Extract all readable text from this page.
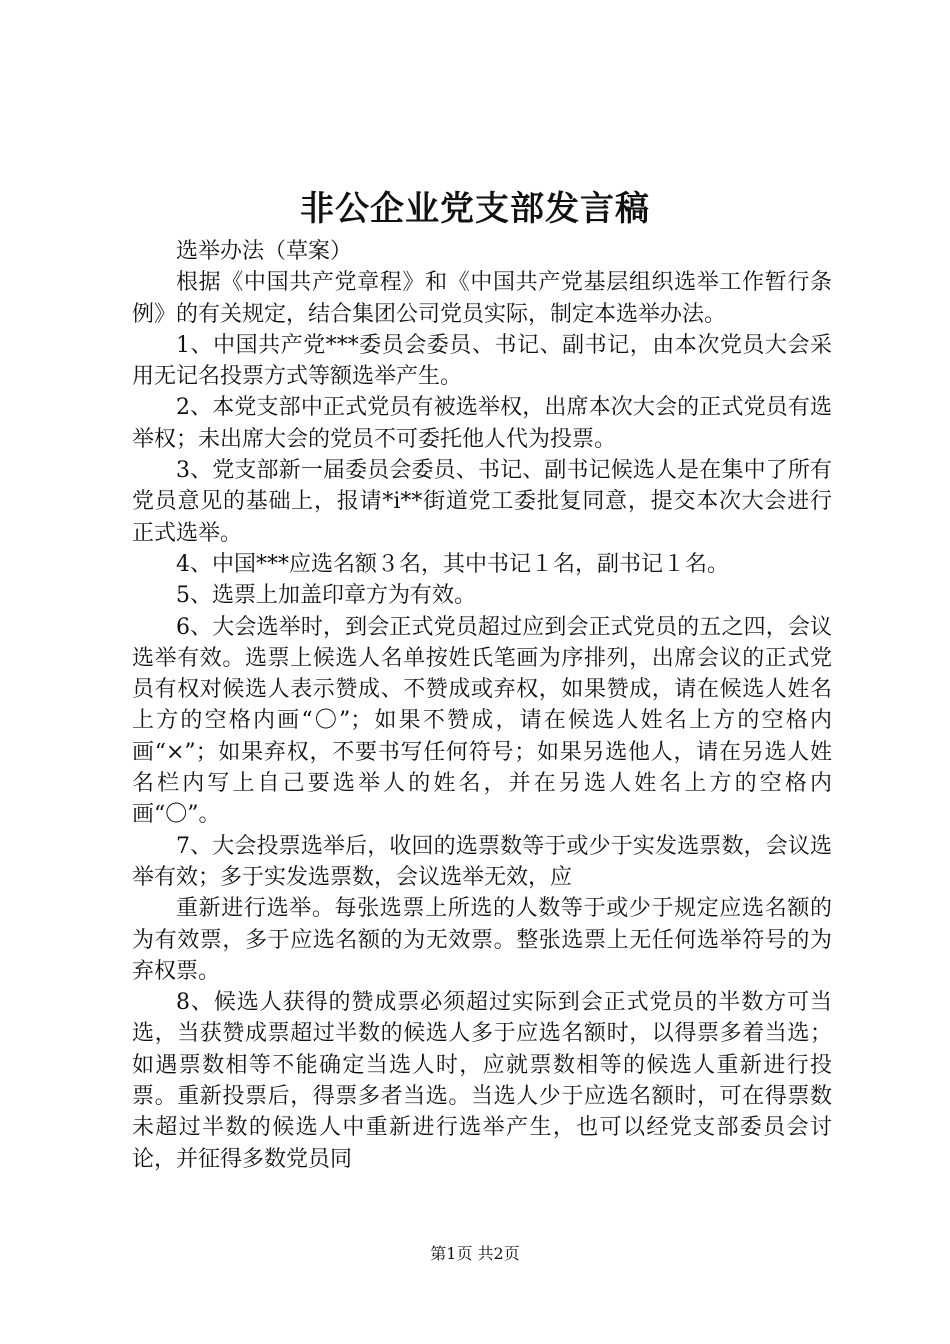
非公企业党支部发言稿

选举办法（草案）

根据《中国共产党章程》和《中国共产党基层组织选举工作暂行条例》的有关规定，结合集团公司党员实际，制定本选举办法。

1、中国共产党***委员会委员、书记、副书记，由本次党员大会采用无记名投票方式等额选举产生。

2、本党支部中正式党员有被选举权，出席本次大会的正式党员有选举权；未出席大会的党员不可委托他人代为投票。

3、党支部新一届委员会委员、书记、副书记候选人是在集中了所有党员意见的基础上，报请*i**街道党工委批复同意，提交本次大会进行正式选举。

4、中国***应选名额３名，其中书记１名，副书记１名。

5、选票上加盖印章方为有效。

6、大会选举时，到会正式党员超过应到会正式党员的五之四，会议选举有效。选票上候选人名单按姓氏笔画为序排列，出席会议的正式党员有权对候选人表示赞成、不赞成或弃权，如果赞成，请在候选人姓名上方的空格内画“〇”；如果不赞成，请在候选人姓名上方的空格内画“×”；如果弃权，不要书写任何符号；如果另选他人，请在另选人姓名栏内写上自己要选举人的姓名，并在另选人姓名上方的空格内画“〇”。

7、大会投票选举后，收回的选票数等于或少于实发选票数，会议选举有效；多于实发选票数，会议选举无效，应

重新进行选举。每张选票上所选的人数等于或少于规定应选名额的为有效票，多于应选名额的为无效票。整张选票上无任何选举符号的为弃权票。

8、候选人获得的赞成票必须超过实际到会正式党员的半数方可当选，当获赞成票超过半数的候选人多于应选名额时，以得票多着当选；如遇票数相等不能确定当选人时，应就票数相等的候选人重新进行投票。重新投票后，得票多者当选。当选人少于应选名额时，可在得票数未超过半数的候选人中重新进行选举产生，也可以经党支部委员会讨论，并征得多数党员同

第1页 共2页
